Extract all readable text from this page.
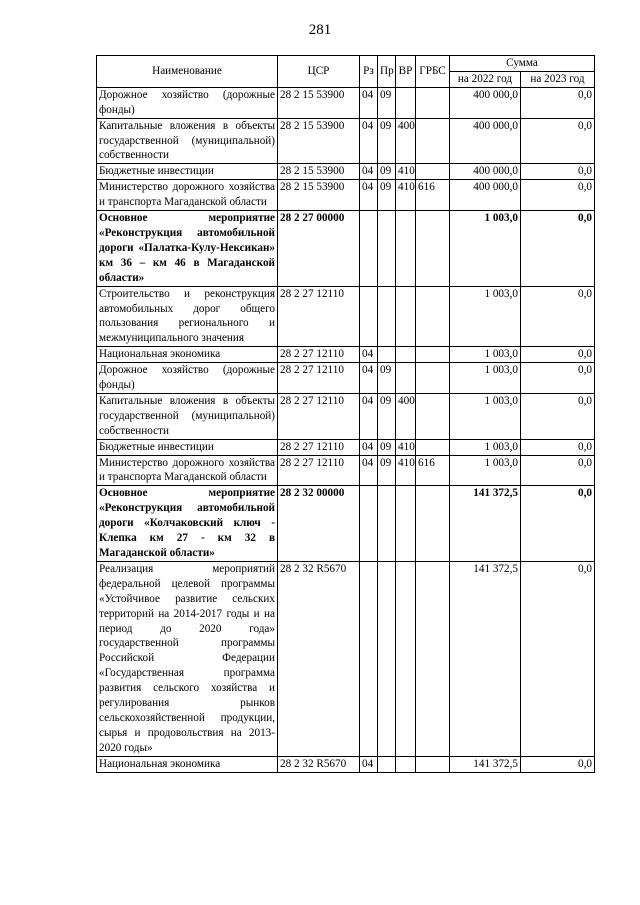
281
Наименование	ЦСР	Рз	Пр	ВР	ГРБС	Сумма	
						на 2022 год	на 2023 год
Дорожное хозяйство (дорожные фонды)	28 2 15 53900	04	09			400 000,0	0,0
Капитальные вложения в объекты государственной (муниципальной) собственности	28 2 15 53900	04	09	400		400 000,0	0,0
Бюджетные инвестиции	28 2 15 53900	04	09	410		400 000,0	0,0
Министерство дорожного хозяйства и транспорта Магаданской области	28 2 15 53900	04	09	410	616	400 000,0	0,0
Основное мероприятие «Реконструкция автомобильной дороги «Палатка-Кулу-Нексикан» км 36 – км 46 в Магаданской области»	28 2 27 00000					1 003,0	0,0
Строительство и реконструкция автомобильных дорог общего пользования регионального и межмуниципального значения	28 2 27 12110					1 003,0	0,0
Национальная экономика	28 2 27 12110	04				1 003,0	0,0
Дорожное хозяйство (дорожные фонды)	28 2 27 12110	04	09			1 003,0	0,0
Капитальные вложения в объекты государственной (муниципальной) собственности	28 2 27 12110	04	09	400		1 003,0	0,0
Бюджетные инвестиции	28 2 27 12110	04	09	410		1 003,0	0,0
Министерство дорожного хозяйства и транспорта Магаданской области	28 2 27 12110	04	09	410	616	1 003,0	0,0
Основное мероприятие «Реконструкция автомобильной дороги «Колчаковский ключ - Клепка км 27 - км 32 в Магаданской области»	28 2 32 00000					141 372,5	0,0
Реализация мероприятий федеральной целевой программы «Устойчивое развитие сельских территорий на 2014-2017 годы и на период до 2020 года» государственной программы Российской Федерации «Государственная программа развития сельского хозяйства и регулирования рынков сельскохозяйственной продукции, сырья и продовольствия на 2013-2020 годы»	28 2 32 R5670					141 372,5	0,0
Национальная экономика	28 2 32 R5670	04				141 372,5	0,0
